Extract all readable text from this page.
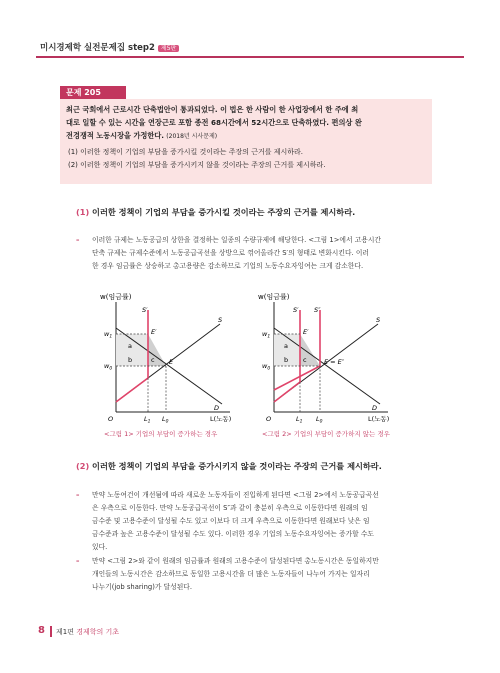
미시경제학 실전문제집 step2 제5판
문제 205

최근 국회에서 근로시간 단축법안이 통과되었다. 이 법은 한 사람이 한 사업장에서 한 주에 최
대로 일할 수 있는 시간을 연장근로 포함 종전 68시간에서 52시간으로 단축하였다. 편의상 완
전경쟁적 노동시장을 가정한다. (2018년 시사문제)

(1) 이러한 정책이 기업의 부담을 증가시킬 것이라는 주장의 근거를 제시하라.
(2) 이러한 정책이 기업의 부담을 증가시키지 않을 것이라는 주장의 근거를 제시하라.
(1) 이러한 정책이 기업의 부담을 증가시킬 것이라는 주장의 근거를 제시하라.
– 이러한 규제는 노동공급의 상한을 결정하는 일종의 수량규제에 해당한다. <그림 1>에서 고용시간
단축 규제는 규제수준에서 노동공급곡선을 상방으로 꺾어올라간 S′의 형태로 변화시킨다. 이러
한 경우 임금률은 상승하고 총고용량은 감소하므로 기업의 노동수요자잉여는 크게 감소한다.
w(임금률)
S′
S
D
E′
E
$w_1$
$w_0$
O	$L_1$ $L_0$	L(노동)
a
b	c
<그림 1> 기업의 부담이 증가하는 경우
w(임금률)
S′ S″
S
D
E′
E = E″
$w_1$
$w_0$
O	$L_1$ $L_0$	L(노동)
a
b c
<그림 2> 기업의 부담이 증가하지 않는 경우
(2) 이러한 정책이 기업의 부담을 증가시키지 않을 것이라는 주장의 근거를 제시하라.
– 만약 노동여건이 개선됨에 따라 새로운 노동자들이 진입하게 된다면 <그림 2>에서 노동공급곡선
은 우측으로 이동한다. 만약 노동공급곡선이 S″과 같이 충분히 우측으로 이동한다면 원래의 임
금수준 및 고용수준이 달성될 수도 있고 이보다 더 크게 우측으로 이동한다면 원래보다 낮은 임
금수준과 높은 고용수준이 달성될 수도 있다. 이러한 경우 기업의 노동수요자잉여는 증가할 수도
있다.
– 만약 <그림 2>와 같이 원래의 임금률과 원래의 고용수준이 달성된다면 총노동시간은 동일하지만
개인들의 노동시간은 감소하므로 동일한 고용시간을 더 많은 노동자들이 나누어 가지는 일자리
나누기(job sharing)가 달성된다.
8 제1편 경제학의 기초
